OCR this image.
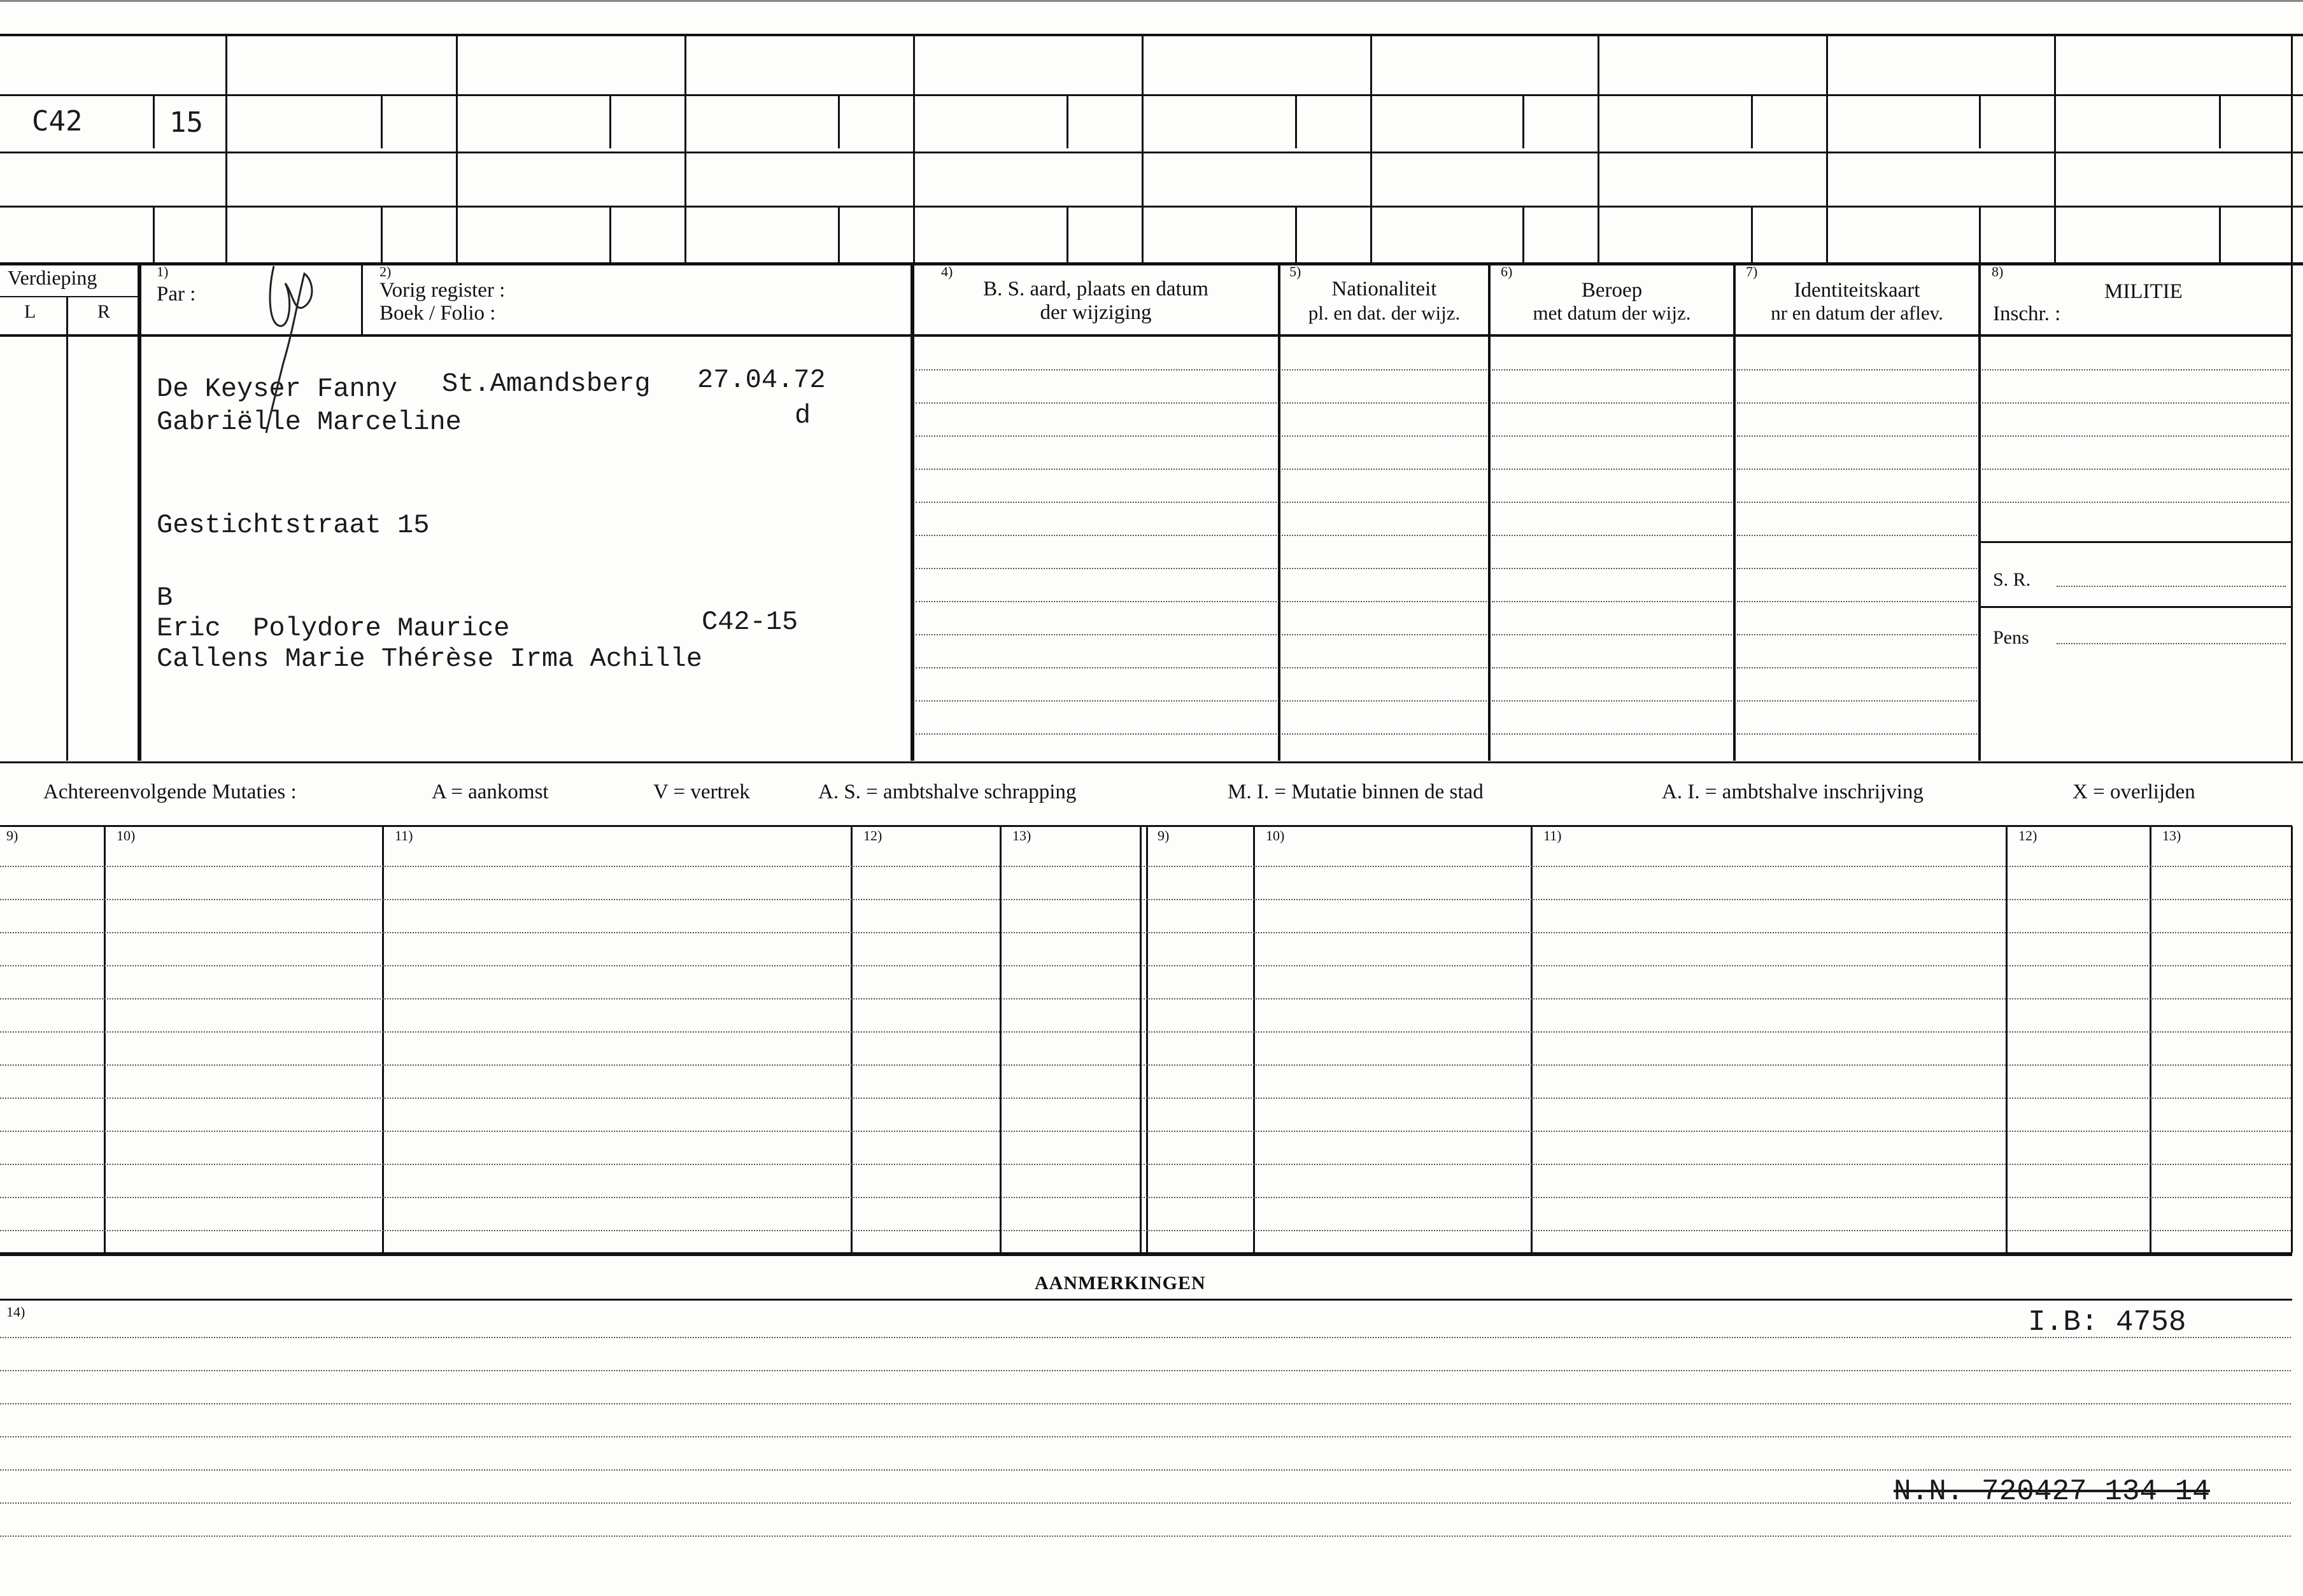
C42	15
Verdieping
L	R
1)
Par :
2)
Vorig register :
Boek / Folio :
4)
B. S. aard, plaats en datum
der wijziging
5)
Nationaliteit
pl. en dat. der wijz.
6)
Beroep
met datum der wijz.
7)
Identiteitskaart
nr en datum der aflev.
8)
MILITIE
Inschr. :
S. R.
Pens
De Keyser Fanny St.Amandsberg 27.04.72
Gabriëlle Marceline	d
Gestichtstraat 15
B
Eric  Polydore Maurice	C42-15
Callens Marie Thérèse Irma Achille
Achtereenvolgende Mutaties :	A = aankomst	V = vertrek	A. S. = ambtshalve schrapping	M. I. = Mutatie binnen de stad	A. I. = ambtshalve inschrijving	X = overlijden
9)	10)	11)	12)	13)	9)	10)	11)	12)	13)
AANMERKINGEN
14)	I.B: 4758
N.N. 720427 134 14
